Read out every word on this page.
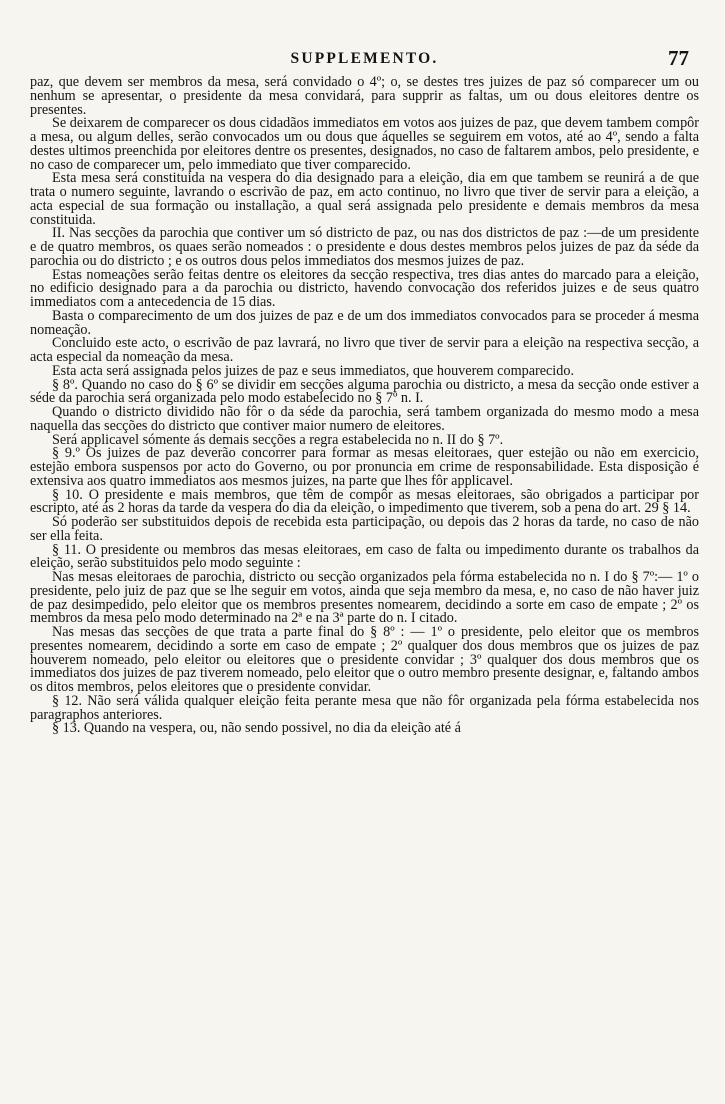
SUPPLEMENTO.	77

paz, que devem ser membros da mesa, será convidado o 4º; o, se destes tres juizes de paz só comparecer um ou nenhum se apresentar, o presidente da mesa convidará, para supprir as faltas, um ou dous eleitores dentre os presentes.

Se deixarem de comparecer os dous cidadãos immediatos em votos aos juizes de paz, que devem tambem compôr a mesa, ou algum delles, serão convocados um ou dous que áquelles se seguirem em votos, até ao 4º, sendo a falta destes ultimos preenchida por eleitores dentre os presentes, designados, no caso de faltarem ambos, pelo presidente, e no caso de comparecer um, pelo immediato que tiver comparecido.

Esta mesa será constituida na vespera do dia designado para a eleição, dia em que tambem se reunirá a de que trata o numero seguinte, lavrando o escrivão de paz, em acto continuo, no livro que tiver de servir para a eleição, a acta especial de sua formação ou installação, a qual será assignada pelo presidente e demais membros da mesa constituida.

II. Nas secções da parochia que contiver um só districto de paz, ou nas dos districtos de paz :—de um presidente e de quatro membros, os quaes serão nomeados : o presidente e dous destes membros pelos juizes de paz da séde da parochia ou do districto ; e os outros dous pelos immediatos dos mesmos juizes de paz.

Estas nomeações serão feitas dentre os eleitores da secção respectiva, tres dias antes do marcado para a eleição, no edificio designado para a da parochia ou districto, havendo convocação dos referidos juizes e de seus quatro immediatos com a antecedencia de 15 dias.

Basta o comparecimento de um dos juizes de paz e de um dos immediatos convocados para se proceder á mesma nomeação.

Concluido este acto, o escrivão de paz lavrará, no livro que tiver de servir para a eleição na respectiva secção, a acta especial da nomeação da mesa.

Esta acta será assignada pelos juizes de paz e seus immediatos, que houverem comparecido.

§ 8º. Quando no caso do § 6º se dividir em secções alguma parochia ou districto, a mesa da secção onde estiver a séde da parochia será organizada pelo modo estabelecido no § 7º n. I.

Quando o districto dividido não fôr o da séde da parochia, será tambem organizada do mesmo modo a mesa naquella das secções do districto que contiver maior numero de eleitores.

Será applicavel sómente ás demais secções a regra estabelecida no n. II do § 7º.

§ 9.º Os juizes de paz deverão concorrer para formar as mesas eleitoraes, quer estejão ou não em exercicio, estejão embora suspensos por acto do Governo, ou por pronuncia em crime de responsabilidade. Esta disposição é extensiva aos quatro immediatos aos mesmos juizes, na parte que lhes fôr applicavel.

§ 10. O presidente e mais membros, que têm de compôr as mesas eleitoraes, são obrigados a participar por escripto, até ás 2 horas da tarde da vespera do dia da eleição, o impedimento que tiverem, sob a pena do art. 29 § 14.

Só poderão ser substituidos depois de recebida esta participação, ou depois das 2 horas da tarde, no caso de não ser ella feita.

§ 11. O presidente ou membros das mesas eleitoraes, em caso de falta ou impedimento durante os trabalhos da eleição, serão substituidos pelo modo seguinte :

Nas mesas eleitoraes de parochia, districto ou secção organizados pela fórma estabelecida no n. I do § 7º:— 1º o presidente, pelo juiz de paz que se lhe seguir em votos, ainda que seja membro da mesa, e, no caso de não haver juiz de paz desimpedido, pelo eleitor que os membros presentes nomearem, decidindo a sorte em caso de empate ; 2º os membros da mesa pelo modo determinado na 2ª e na 3ª parte do n. I citado.

Nas mesas das secções de que trata a parte final do § 8º : — 1º o presidente, pelo eleitor que os membros presentes nomearem, decidindo a sorte em caso de empate ; 2º qualquer dos dous membros que os juizes de paz houverem nomeado, pelo eleitor ou eleitores que o presidente convidar ; 3º qualquer dos dous membros que os immediatos dos juizes de paz tiverem nomeado, pelo eleitor que o outro membro presente designar, e, faltando ambos os ditos membros, pelos eleitores que o presidente convidar.

§ 12. Não será válida qualquer eleição feita perante mesa que não fôr organizada pela fórma estabelecida nos paragraphos anteriores.

§ 13. Quando na vespera, ou, não sendo possivel, no dia da eleição até á
